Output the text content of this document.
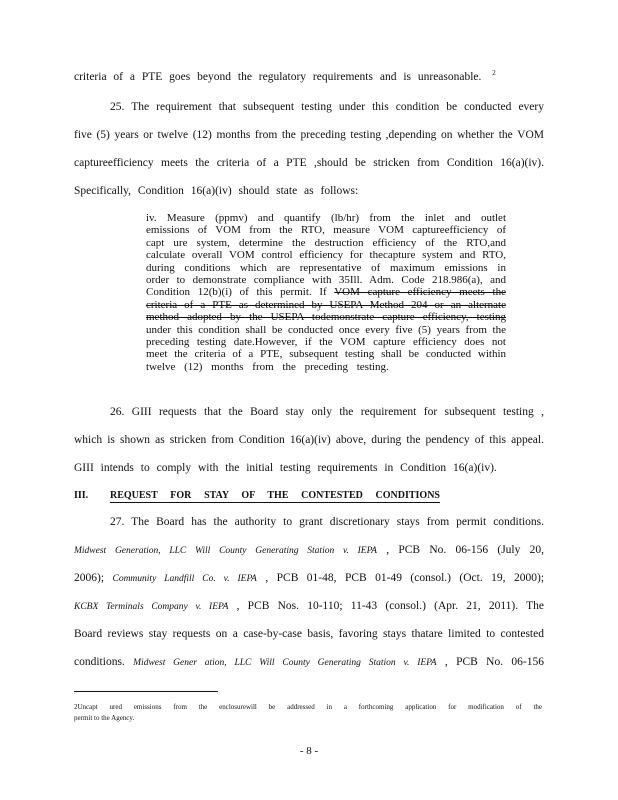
criteria of a PTE goes beyond the regulatory requirements and is unreasonable. $^2$
25. The requirement that subsequent testing under this condition be conducted every
five (5) years or twelve (12) months from the preceding testing ,depending on whether the VOM
captureefficiency meets the criteria of a PTE ,should be stricken from Condition 16(a)(iv).
Specifically, Condition 16(a)(iv) should state as follows:
iv. Measure (ppmv) and quantify (lb/hr) from the inlet and outlet
emissions of VOM from the RTO, measure VOM captureefficiency of
capt ure system, determine the destruction efficiency of the RTO,and
calculate overall VOM control efficiency for thecapture system and RTO,
during conditions which are representative of maximum emissions in
order to demonstrate compliance with 35Ill. Adm. Code 218.986(a), and
Condition 12(b)(i) of this permit. If VOM capture efficiency meets the
criteria of a PTE as determined by USEPA Method 204 or an alternate
method adopted by the USEPA todemonstrate capture efficiency, testing
under this condition shall be conducted once every five (5) years from the
preceding testing date.However, if the VOM capture efficiency does not
meet the criteria of a PTE, subsequent testing shall be conducted within
twelve (12) months from the preceding testing.
26. GIII requests that the Board stay only the requirement for subsequent testing ,
which is shown as stricken from Condition 16(a)(iv) above, during the pendency of this appeal.
GIII intends to comply with the initial testing requirements in Condition 16(a)(iv).
III. REQUEST FOR STAY OF THE CONTESTED CONDITIONS
27. The Board has the authority to grant discretionary stays from permit conditions.
Midwest Generation, LLC Will County Generating Station v. IEPA , PCB No. 06-156 (July 20,
2006); Community Landfill Co. v. IEPA , PCB 01-48, PCB 01-49 (consol.) (Oct. 19, 2000);
KCBX Terminals Company v. IEPA , PCB Nos. 10-110; 11-43 (consol.) (Apr. 21, 2011). The
Board reviews stay requests on a case-by-case basis, favoring stays thatare limited to contested
conditions. Midwest Gener ation, LLC Will County Generating Station v. IEPA , PCB No. 06-156
2Uncapt ured emissions from the enclosurewill be addressed in a forthcoming application for modification of the
permit to the Agency.
- 8 -
